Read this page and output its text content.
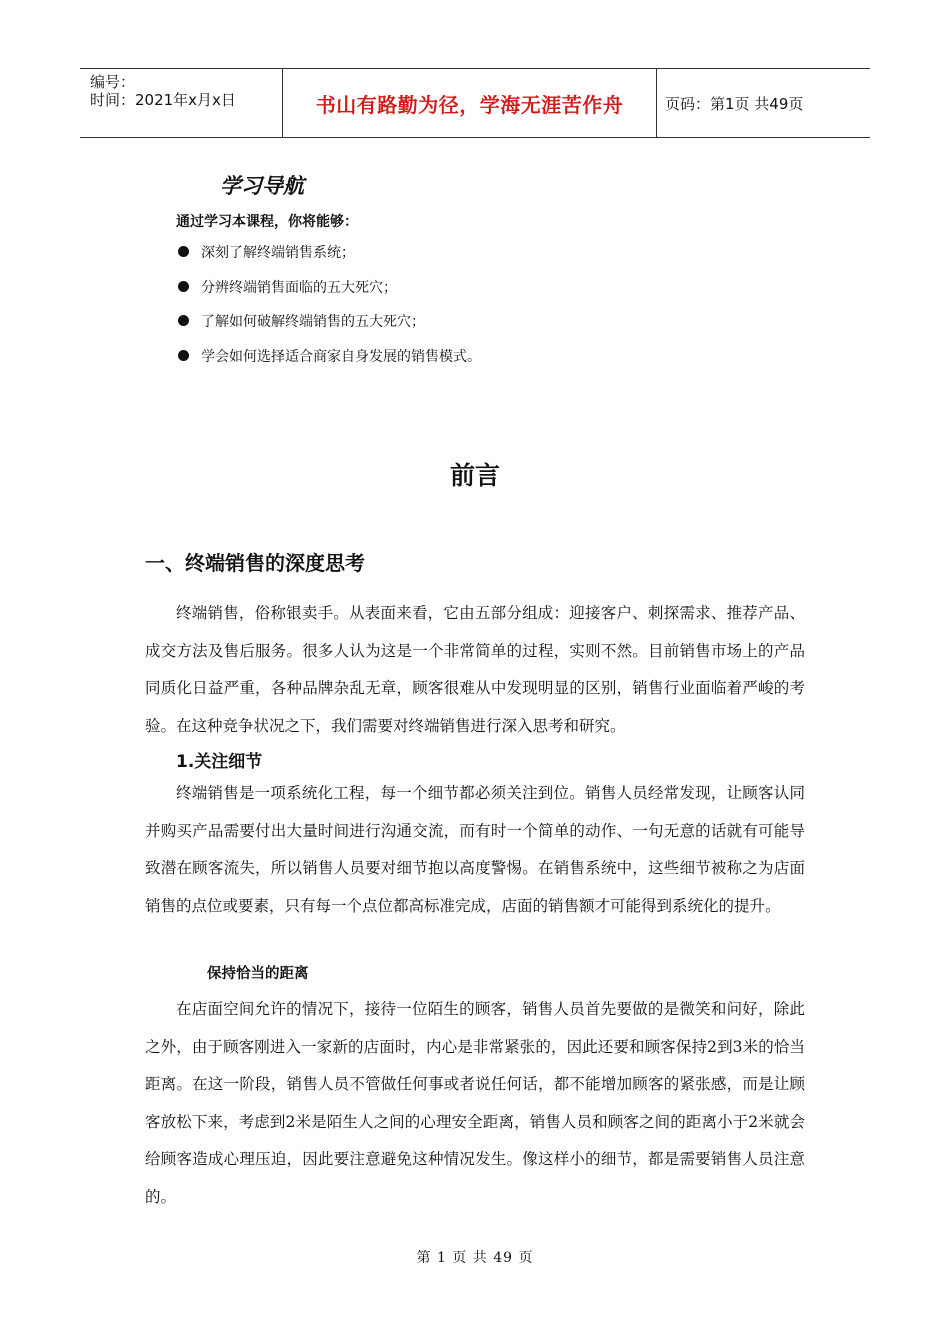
编号：
时间：2021年x月x日	书山有路勤为径，学海无涯苦作舟	页码：第1页 共49页
学习导航
通过学习本课程，你将能够：
深刻了解终端销售系统；
分辨终端销售面临的五大死穴；
了解如何破解终端销售的五大死穴；
学会如何选择适合商家自身发展的销售模式。
前言
一、终端销售的深度思考

终端销售，俗称银卖手。从表面来看，它由五部分组成：迎接客户、刺探需求、推荐产品、成交方法及售后服务。很多人认为这是一个非常简单的过程，实则不然。目前销售市场上的产品同质化日益严重，各种品牌杂乱无章，顾客很难从中发现明显的区别，销售行业面临着严峻的考验。在这种竞争状况之下，我们需要对终端销售进行深入思考和研究。

1.关注细节

终端销售是一项系统化工程，每一个细节都必须关注到位。销售人员经常发现，让顾客认同并购买产品需要付出大量时间进行沟通交流，而有时一个简单的动作、一句无意的话就有可能导致潜在顾客流失，所以销售人员要对细节抱以高度警惕。在销售系统中，这些细节被称之为店面销售的点位或要素，只有每一个点位都高标准完成，店面的销售额才可能得到系统化的提升。

保持恰当的距离

在店面空间允许的情况下，接待一位陌生的顾客，销售人员首先要做的是微笑和问好，除此之外，由于顾客刚进入一家新的店面时，内心是非常紧张的，因此还要和顾客保持2到3米的恰当距离。在这一阶段，销售人员不管做任何事或者说任何话，都不能增加顾客的紧张感，而是让顾客放松下来，考虑到2米是陌生人之间的心理安全距离，销售人员和顾客之间的距离小于2米就会给顾客造成心理压迫，因此要注意避免这种情况发生。像这样小的细节，都是需要销售人员注意的。

第 1 页 共 49 页
